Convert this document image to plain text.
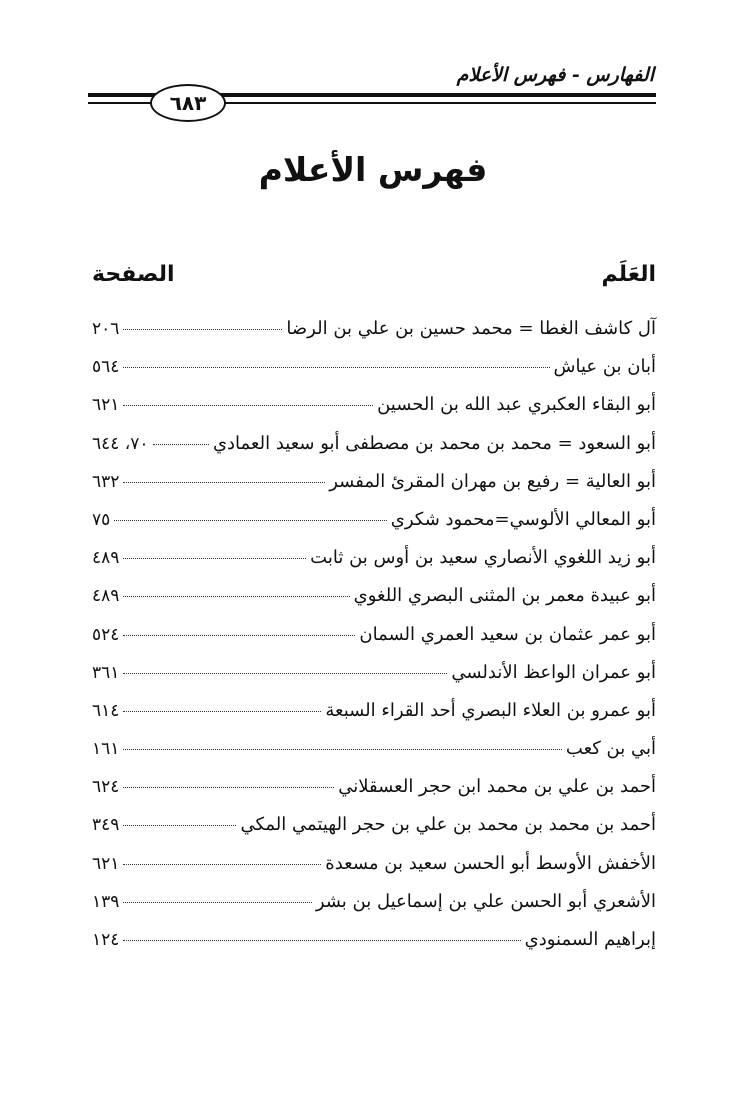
الفهارس - فهرس الأعلام
٦٨٣
فهرس الأعلام
العَلَم
الصفحة
آل كاشف الغطا = محمد حسين بن علي بن الرضا
٢٠٦
أبان بن عياش
٥٦٤
أبو البقاء العكبري عبد الله بن الحسين
٦٢١
أبو السعود = محمد بن محمد بن مصطفى أبو سعيد العمادي
٧٠، ٦٤٤
أبو العالية = رفيع بن مهران المقرئ المفسر
٦٣٢
أبو المعالي الألوسي=محمود شكري
٧٥
أبو زيد اللغوي الأنصاري سعيد بن أوس بن ثابت
٤٨٩
أبو عبيدة معمر بن المثنى البصري اللغوي
٤٨٩
أبو عمر عثمان بن سعيد العمري السمان
٥٢٤
أبو عمران الواعظ الأندلسي
٣٦١
أبو عمرو بن العلاء البصري أحد القراء السبعة
٦١٤
أبي بن كعب
١٦١
أحمد بن علي بن محمد ابن حجر العسقلاني
٦٢٤
أحمد بن محمد بن محمد بن علي بن حجر الهيتمي المكي
٣٤٩
الأخفش الأوسط أبو الحسن سعيد بن مسعدة
٦٢١
الأشعري أبو الحسن علي بن إسماعيل بن بشر
١٣٩
إبراهيم السمنودي
١٢٤
